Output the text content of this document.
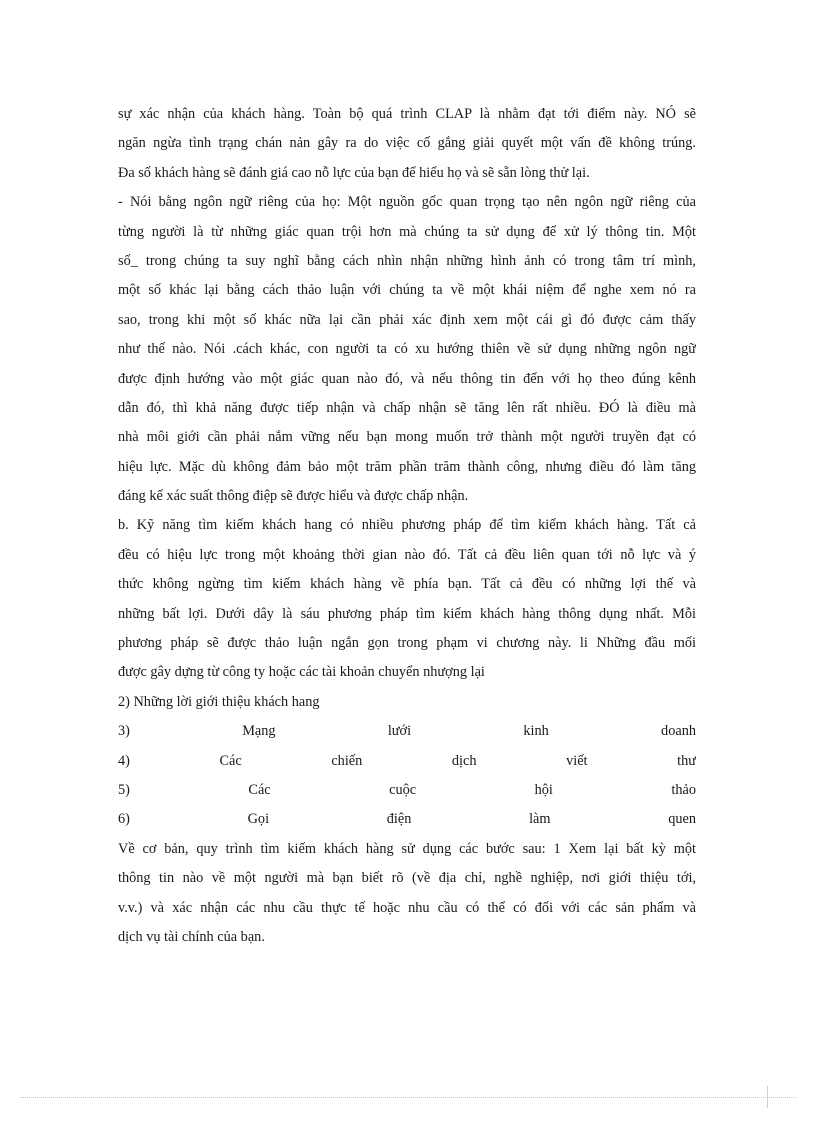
sự xác nhận của khách hàng. Toàn bộ quá trình CLAP là nhằm đạt tới điểm này. NÓ sẽ
ngăn ngừa tình trạng chán nản gây ra do việc cố gắng giải quyết một vấn đề không trúng.
Đa số khách hàng sẽ đánh giá cao nỗ lực của bạn để hiểu họ và sẽ sẵn lòng thử lại.
- Nói bằng ngôn ngữ riêng của họ: Một nguồn gốc quan trọng tạo nên ngôn ngữ riêng của
từng người là từ những giác quan trội hơn mà chúng ta sử dụng để xử lý thông tin. Một
số_ trong chúng ta suy nghĩ bằng cách nhìn nhận những hình ảnh có trong tâm trí mình,
một số khác lại bằng cách thảo luận với chúng ta về một khái niệm để nghe xem nó ra
sao, trong khi một số khác nữa lại cần phải xác định xem một cái gì đó được cảm thấy
như thế nào. Nói .cách khác, con người ta có xu hướng thiên về sử dụng những ngôn ngữ
được định hướng vào một giác quan nào đó, và nếu thông tin đến với họ theo đúng kênh
dẫn đó, thì khả năng được tiếp nhận và chấp nhận sẽ tăng lên rất nhiều. ĐÓ là điều mà
nhà môi giới cần phải nắm vững nếu bạn mong muốn trở thành một người truyền đạt có
hiệu lực. Mặc dù không đảm bảo một trăm phần trăm thành công, nhưng điều đó làm tăng
đáng kể xác suất thông điệp sẽ được hiểu và được chấp nhận.
b. Kỹ năng tìm kiếm khách hang có nhiều phương pháp để tìm kiếm khách hàng. Tất cả
đều có hiệu lực trong một khoảng thời gian nào đó. Tất cả đều liên quan tới nỗ lực và ý
thức không ngừng tìm kiếm khách hàng về phía bạn. Tất cả đều có những lợi thế và
những bất lợi. Dưới dây là sáu phương pháp tìm kiếm khách hàng thông dụng nhất. Mỗi
phương pháp sẽ được thảo luận ngắn gọn trong phạm vi chương này. li Những đầu mối
được gây dựng từ công ty hoặc các tài khoản chuyển nhượng lại
2) Những lời giới thiệu khách hang
3) Mạng lưới kinh doanh
4) Các chiến dịch viết thư
5) Các cuộc hội thảo
6) Gọi điện làm quen
Về cơ bản, quy trình tìm kiếm khách hàng sử dụng các bước sau: 1 Xem lại bất kỳ một
thông tin nào về một người mà bạn biết rõ (về địa chỉ, nghề nghiệp, nơi giới thiệu tới,
v.v.) và xác nhận các nhu cầu thực tế hoặc nhu cầu có thể có đối với các sản phẩm và
dịch vụ tài chính của bạn.
